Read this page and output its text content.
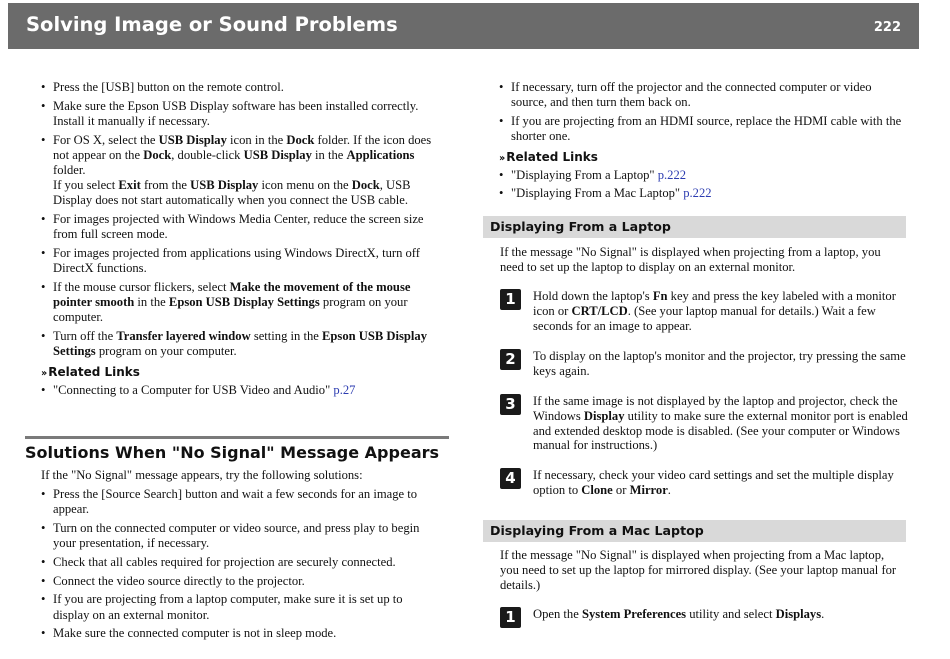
Solving Image or Sound Problems	222
• Press the [USB] button on the remote control.
• Make sure the Epson USB Display software has been installed correctly. Install it manually if necessary.
• For OS X, select the USB Display icon in the Dock folder. If the icon does not appear on the Dock, double-click USB Display in the Applications folder.
If you select Exit from the USB Display icon menu on the Dock, USB Display does not start automatically when you connect the USB cable.
• For images projected with Windows Media Center, reduce the screen size from full screen mode.
• For images projected from applications using Windows DirectX, turn off DirectX functions.
• If the mouse cursor flickers, select Make the movement of the mouse pointer smooth in the Epson USB Display Settings program on your computer.
• Turn off the Transfer layered window setting in the Epson USB Display Settings program on your computer.
›› Related Links
• "Connecting to a Computer for USB Video and Audio" p.27
Solutions When "No Signal" Message Appears
If the "No Signal" message appears, try the following solutions:
• Press the [Source Search] button and wait a few seconds for an image to appear.
• Turn on the connected computer or video source, and press play to begin your presentation, if necessary.
• Check that all cables required for projection are securely connected.
• Connect the video source directly to the projector.
• If you are projecting from a laptop computer, make sure it is set up to display on an external monitor.
• Make sure the connected computer is not in sleep mode.
• If necessary, turn off the projector and the connected computer or video source, and then turn them back on.
• If you are projecting from an HDMI source, replace the HDMI cable with the shorter one.
›› Related Links
• "Displaying From a Laptop" p.222
• "Displaying From a Mac Laptop" p.222
Displaying From a Laptop
If the message "No Signal" is displayed when projecting from a laptop, you need to set up the laptop to display on an external monitor.
1	Hold down the laptop's Fn key and press the key labeled with a monitor icon or CRT/LCD. (See your laptop manual for details.) Wait a few seconds for an image to appear.
2	To display on the laptop's monitor and the projector, try pressing the same keys again.
3	If the same image is not displayed by the laptop and projector, check the Windows Display utility to make sure the external monitor port is enabled and extended desktop mode is disabled. (See your computer or Windows manual for instructions.)
4	If necessary, check your video card settings and set the multiple display option to Clone or Mirror.
Displaying From a Mac Laptop
If the message "No Signal" is displayed when projecting from a Mac laptop, you need to set up the laptop for mirrored display. (See your laptop manual for details.)
1	Open the System Preferences utility and select Displays.
